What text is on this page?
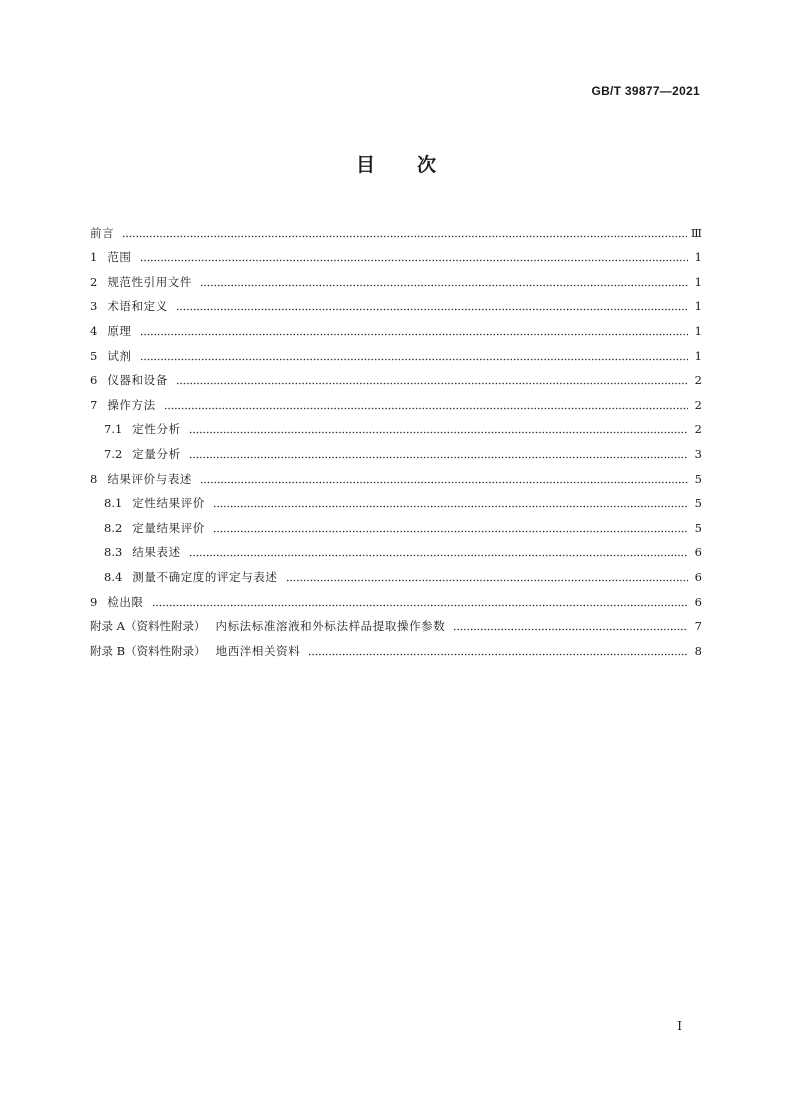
GB/T 39877—2021
目 次
前言	Ⅲ
1 范围	1
2 规范性引用文件	1
3 术语和定义	1
4 原理	1
5 试剂	1
6 仪器和设备	2
7 操作方法	2
7.1 定性分析	2
7.2 定量分析	3
8 结果评价与表述	5
8.1 定性结果评价	5
8.2 定量结果评价	5
8.3 结果表述	6
8.4 测量不确定度的评定与表述	6
9 检出限	6
附录 A（资料性附录） 内标法标准溶液和外标法样品提取操作参数	7
附录 B（资料性附录） 地西泮相关资料	8
I
